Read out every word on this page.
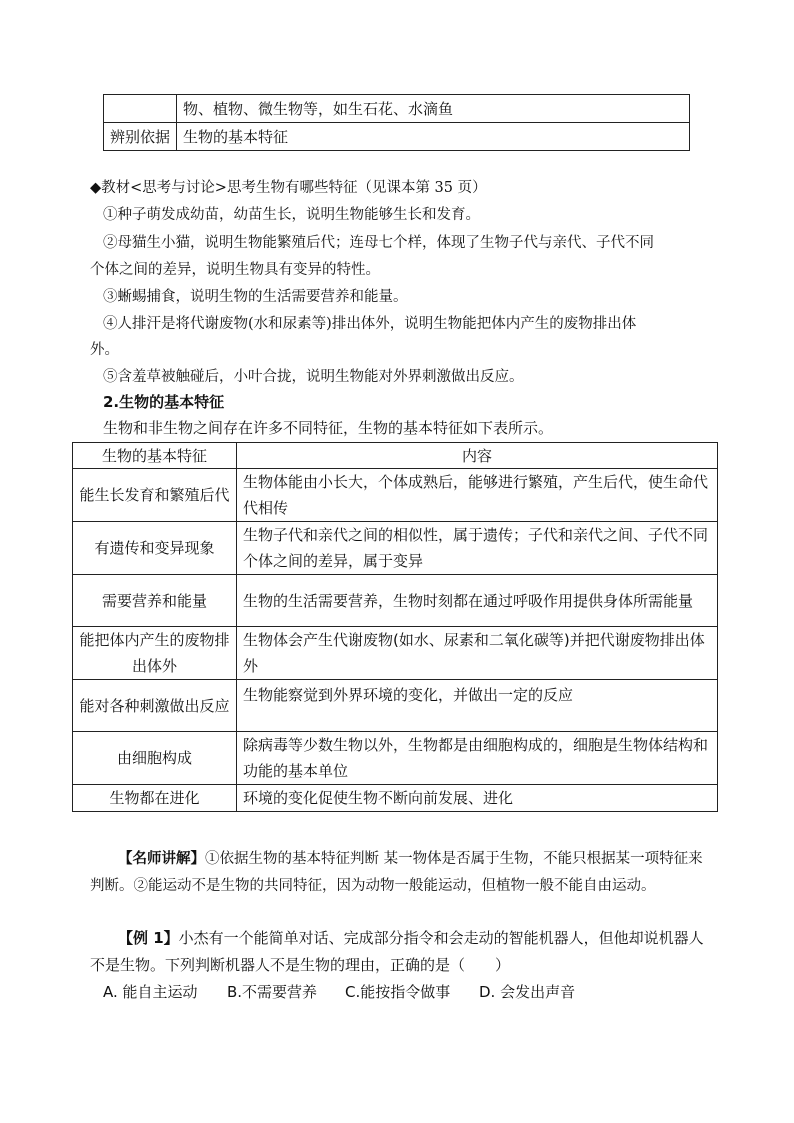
	物、植物、微生物等，如生石花、水滴鱼
辨别依据	生物的基本特征
◆教材<思考与讨论>思考生物有哪些特征（见课本第 35 页）
①种子萌发成幼苗，幼苗生长，说明生物能够生长和发育。
②母猫生小猫，说明生物能繁殖后代；连母七个样，体现了生物子代与亲代、子代不同
个体之间的差异，说明生物具有变异的特性。
③蜥蜴捕食，说明生物的生活需要营养和能量。
④人排汗是将代谢废物(水和尿素等)排出体外，说明生物能把体内产生的废物排出体
外。
⑤含羞草被触碰后，小叶合拢，说明生物能对外界刺激做出反应。
2.生物的基本特征
生物和非生物之间存在许多不同特征，生物的基本特征如下表所示。
生物的基本特征	内容
能生长发育和繁殖后代	生物体能由小长大，个体成熟后，能够进行繁殖，产生后代，使生命代代相传
有遗传和变异现象	生物子代和亲代之间的相似性，属于遗传；子代和亲代之间、子代不同个体之间的差异，属于变异
需要营养和能量	生物的生活需要营养，生物时刻都在通过呼吸作用提供身体所需能量
能把体内产生的废物排出体外	生物体会产生代谢废物(如水、尿素和二氧化碳等)并把代谢废物排出体外
能对各种刺激做出反应	生物能察觉到外界环境的变化，并做出一定的反应
由细胞构成	除病毒等少数生物以外，生物都是由细胞构成的，细胞是生物体结构和功能的基本单位
生物都在进化	环境的变化促使生物不断向前发展、进化
【名师讲解】①依据生物的基本特征判断 某一物体是否属于生物，不能只根据某一项特征来判断。②能运动不是生物的共同特征，因为动物一般能运动，但植物一般不能自由运动。
【例 1】小杰有一个能简单对话、完成部分指令和会走动的智能机器人，但他却说机器人不是生物。下列判断机器人不是生物的理由，正确的是（　　）
A. 能自主运动 B.不需要营养 C.能按指令做事 D. 会发出声音
